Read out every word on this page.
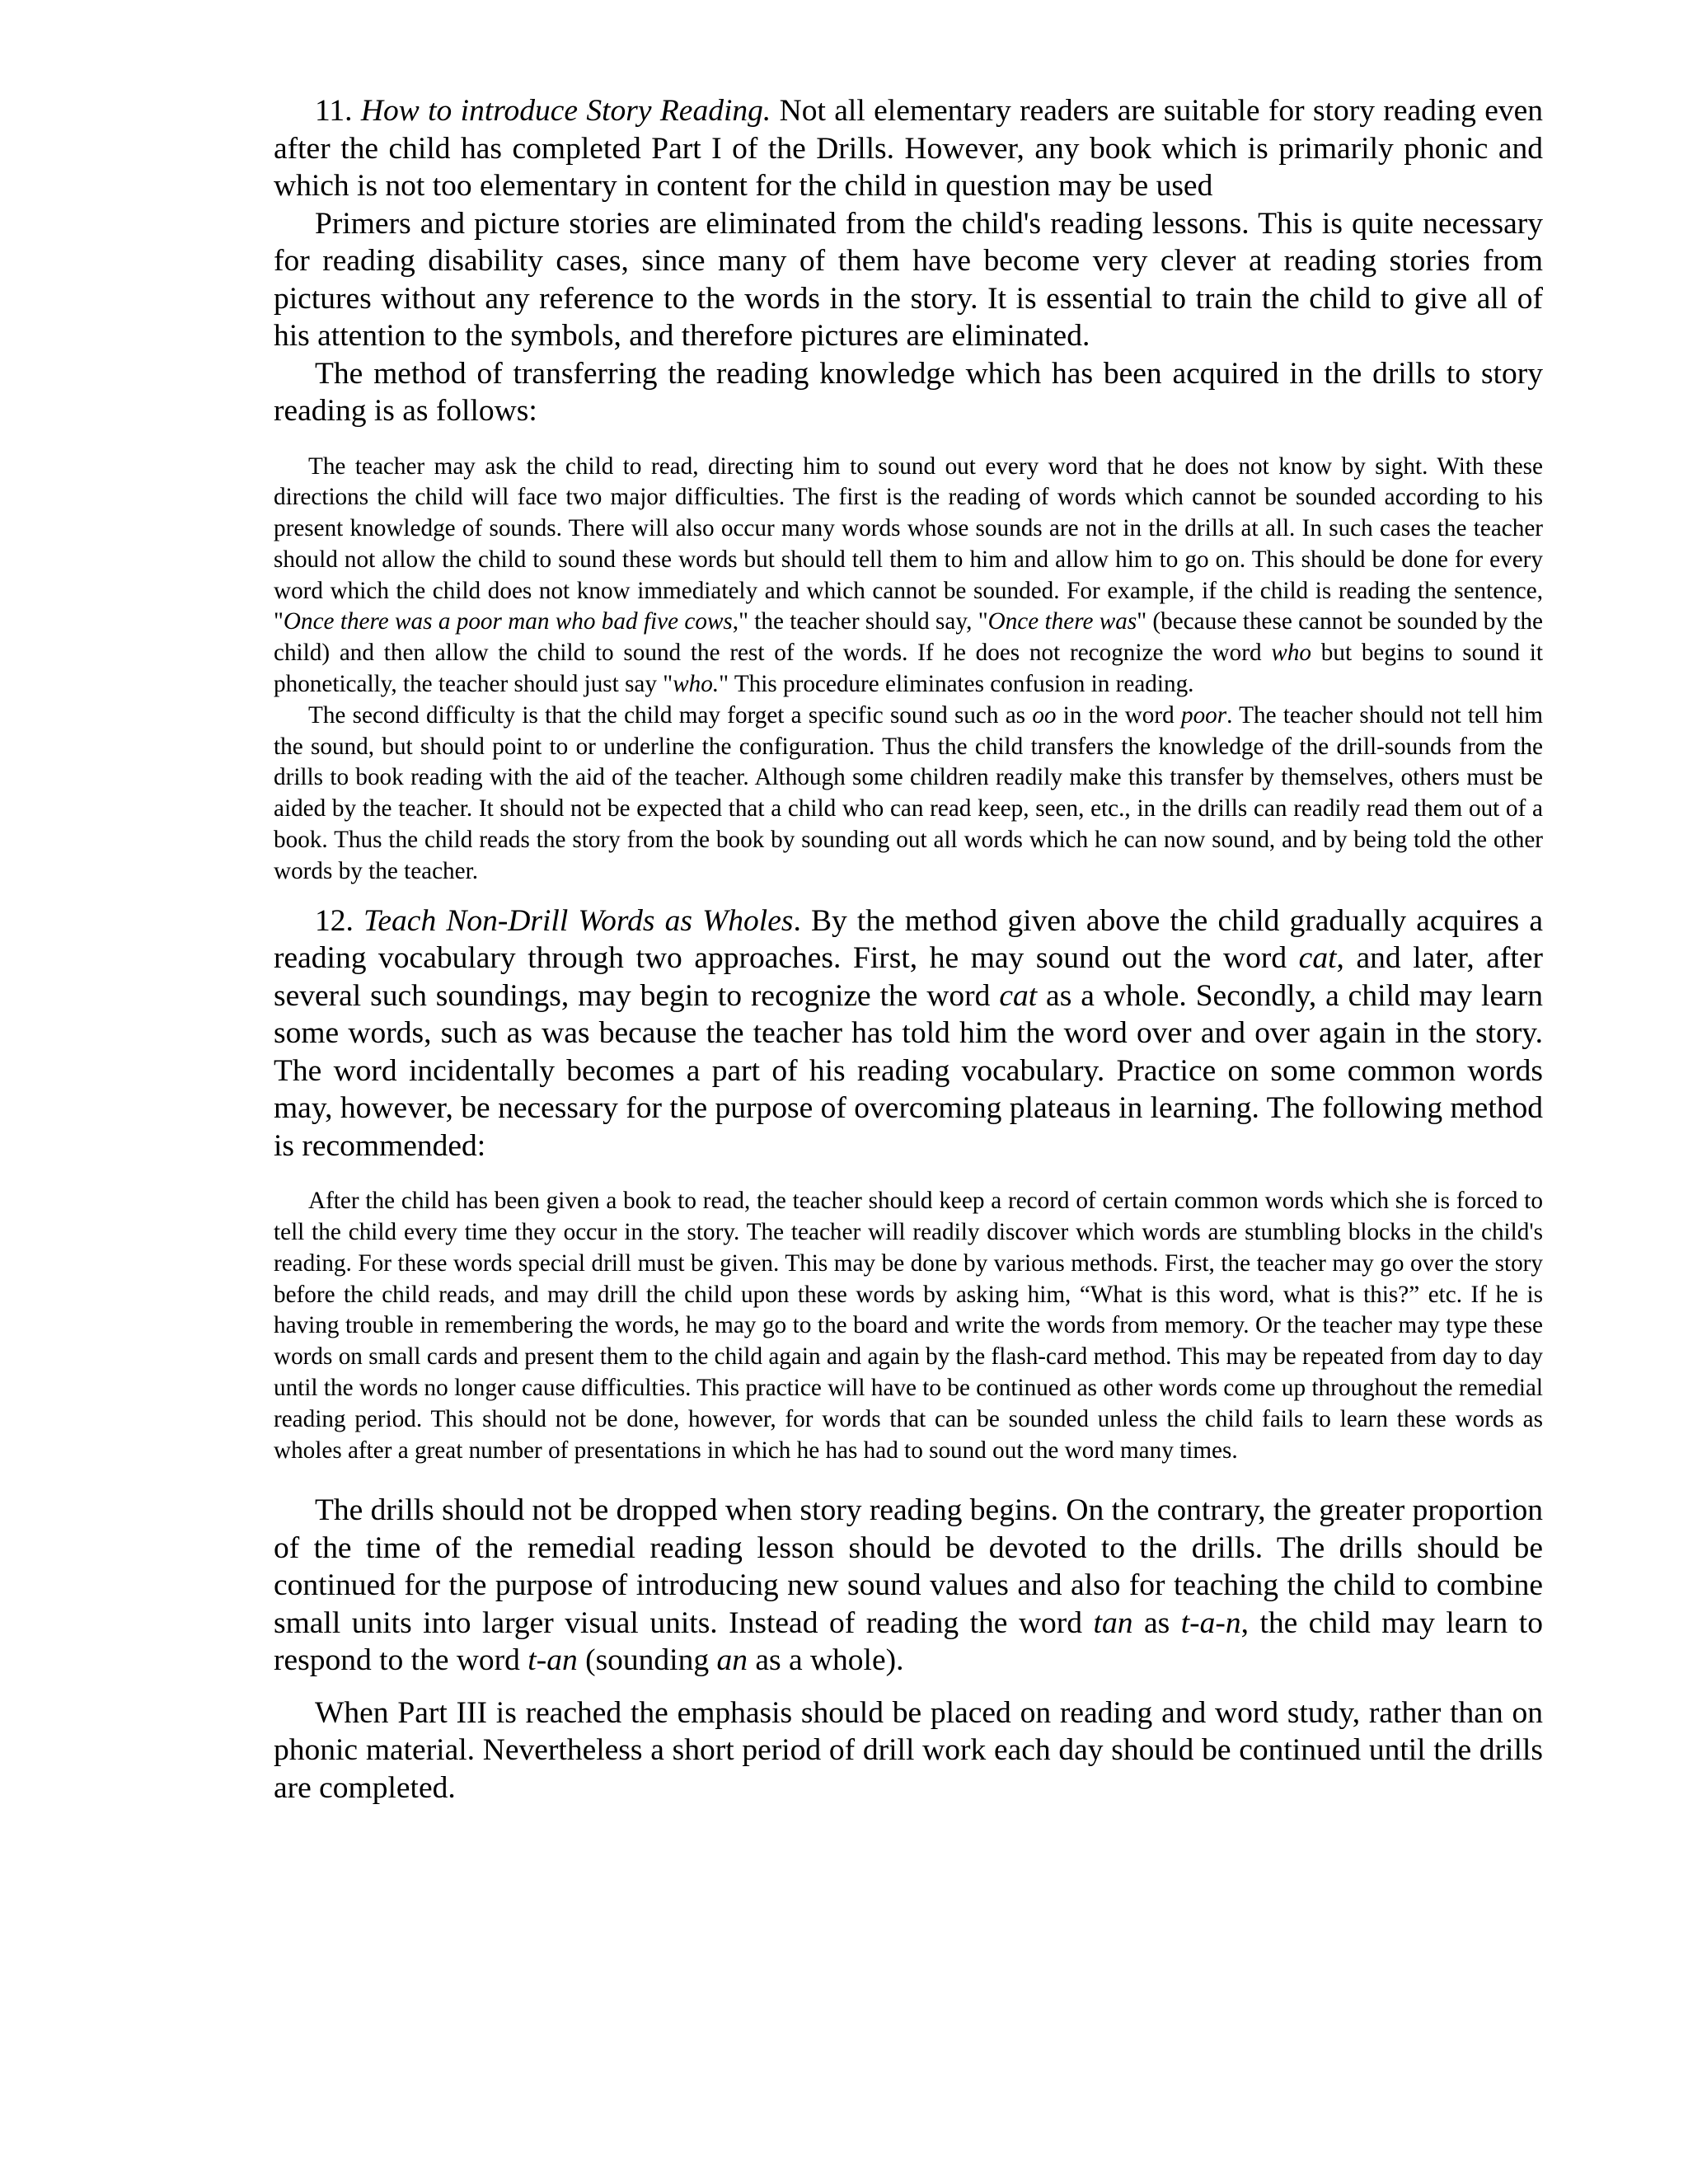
11. How to introduce Story Reading. Not all elementary readers are suitable for story reading even after the child has completed Part I of the Drills. However, any book which is primarily phonic and which is not too elementary in content for the child in question may be used

Primers and picture stories are eliminated from the child's reading lessons. This is quite necessary for reading disability cases, since many of them have become very clever at reading stories from pictures without any reference to the words in the story. It is essential to train the child to give all of his attention to the symbols, and therefore pictures are eliminated.

The method of transferring the reading knowledge which has been acquired in the drills to story reading is as follows:

The teacher may ask the child to read, directing him to sound out every word that he does not know by sight. With these directions the child will face two major difficulties. The first is the reading of words which cannot be sounded according to his present knowledge of sounds. There will also occur many words whose sounds are not in the drills at all. In such cases the teacher should not allow the child to sound these words but should tell them to him and allow him to go on. This should be done for every word which the child does not know immediately and which cannot be sounded. For example, if the child is reading the sentence, "Once there was a poor man who bad five cows," the teacher should say, "Once there was" (because these cannot be sounded by the child) and then allow the child to sound the rest of the words. If he does not recognize the word who but begins to sound it phonetically, the teacher should just say "who." This procedure eliminates confusion in reading.

The second difficulty is that the child may forget a specific sound such as oo in the word poor. The teacher should not tell him the sound, but should point to or underline the configuration. Thus the child transfers the knowledge of the drill-sounds from the drills to book reading with the aid of the teacher. Although some children readily make this transfer by themselves, others must be aided by the teacher. It should not be expected that a child who can read keep, seen, etc., in the drills can readily read them out of a book. Thus the child reads the story from the book by sounding out all words which he can now sound, and by being told the other words by the teacher.

12. Teach Non-Drill Words as Wholes. By the method given above the child gradually acquires a reading vocabulary through two approaches. First, he may sound out the word cat, and later, after several such soundings, may begin to recognize the word cat as a whole. Secondly, a child may learn some words, such as was because the teacher has told him the word over and over again in the story. The word incidentally becomes a part of his reading vocabulary. Practice on some common words may, however, be necessary for the purpose of overcoming plateaus in learning. The following method is recommended:

After the child has been given a book to read, the teacher should keep a record of certain common words which she is forced to tell the child every time they occur in the story. The teacher will readily discover which words are stumbling blocks in the child's reading. For these words special drill must be given. This may be done by various methods. First, the teacher may go over the story before the child reads, and may drill the child upon these words by asking him, “What is this word, what is this?” etc. If he is having trouble in remembering the words, he may go to the board and write the words from memory. Or the teacher may type these words on small cards and present them to the child again and again by the flash-card method. This may be repeated from day to day until the words no longer cause difficulties. This practice will have to be continued as other words come up throughout the remedial reading period. This should not be done, however, for words that can be sounded unless the child fails to learn these words as wholes after a great number of presentations in which he has had to sound out the word many times.

The drills should not be dropped when story reading begins. On the contrary, the greater proportion of the time of the remedial reading lesson should be devoted to the drills. The drills should be continued for the purpose of introducing new sound values and also for teaching the child to combine small units into larger visual units. Instead of reading the word tan as t-a-n, the child may learn to respond to the word t-an (sounding an as a whole).

When Part III is reached the emphasis should be placed on reading and word study, rather than on phonic material. Nevertheless a short period of drill work each day should be continued until the drills are completed.
